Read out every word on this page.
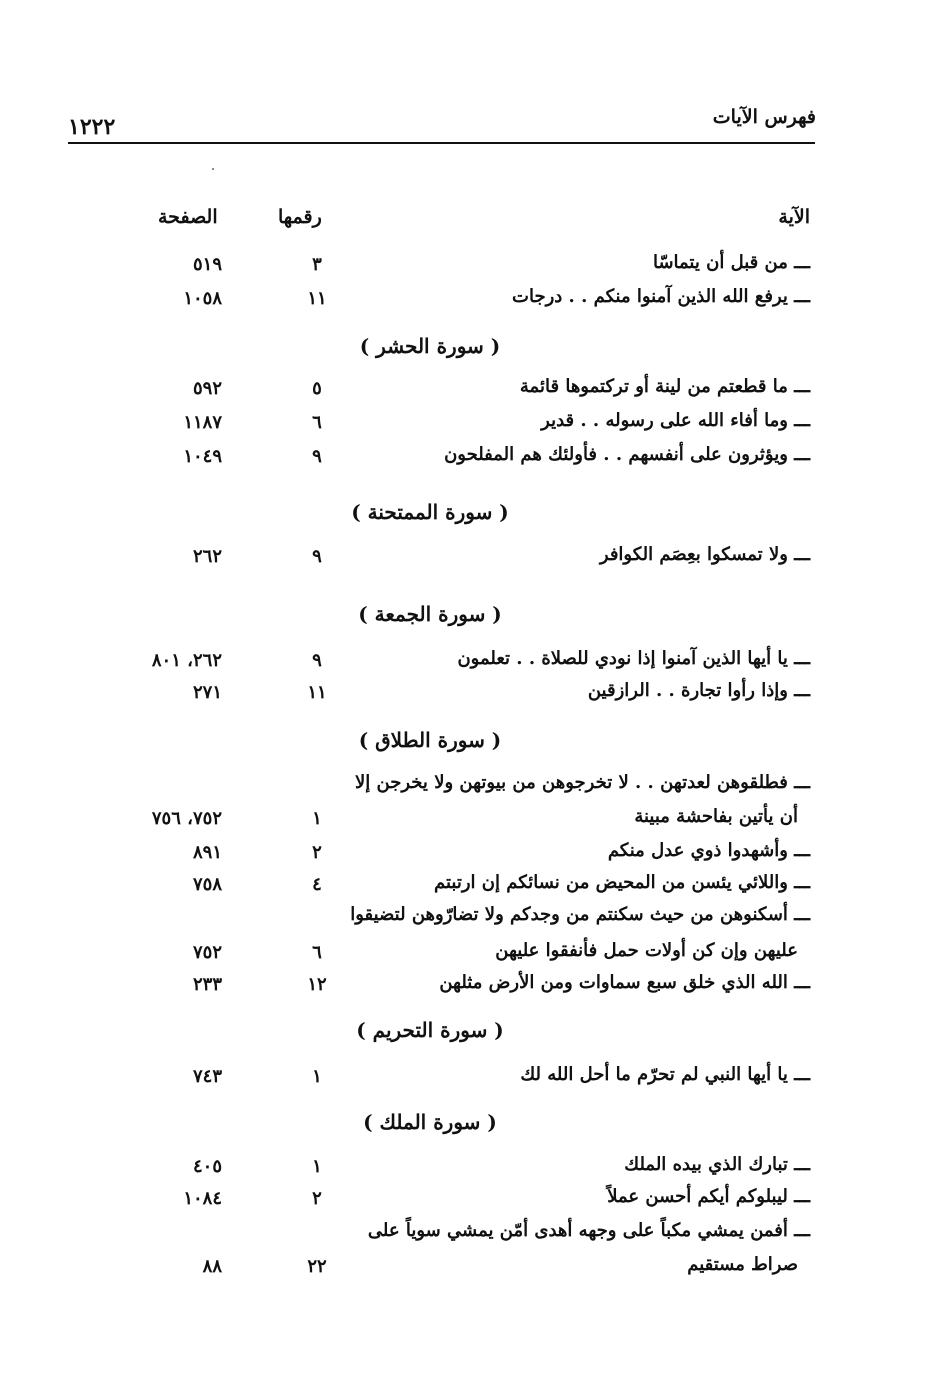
فهرس الآيات
١٢٢٢
الآية
رقمها
الصفحة
ـــ من قبل أن يتماسّا
٣
٥١٩
ـــ يرفع الله الذين آمنوا منكم . . درجات
١١
١٠٥٨
( سورة الحشر )
ـــ ما قطعتم من لينة أو تركتموها قائمة
٥
٥٩٢
ـــ وما أفاء الله على رسوله . . قدير
٦
١١٨٧
ـــ ويؤثرون على أنفسهم . . فأولئك هم المفلحون
٩
١٠٤٩
( سورة الممتحنة )
ـــ ولا تمسكوا بعِصَم الكوافر
٩
٢٦٢
( سورة الجمعة )
ـــ يا أيها الذين آمنوا إذا نودي للصلاة . . تعلمون
٩
٢٦٢، ٨٠١
ـــ وإذا رأوا تجارة . . الرازقين
١١
٢٧١
( سورة الطلاق )
ـــ فطلقوهن لعدتهن . . لا تخرجوهن من بيوتهن ولا يخرجن إلا
أن يأتين بفاحشة مبينة
١
٧٥٢، ٧٥٦
ـــ وأشهدوا ذوي عدل منكم
٢
٨٩١
ـــ واللائي يئسن من المحيض من نسائكم إن ارتبتم
٤
٧٥٨
ـــ أسكنوهن من حيث سكنتم من وجدكم ولا تضارّوهن لتضيقوا
عليهن وإن كن أولات حمل فأنفقوا عليهن
٦
٧٥٢
ـــ الله الذي خلق سبع سماوات ومن الأرض مثلهن
١٢
٢٣٣
( سورة التحريم )
ـــ يا أيها النبي لم تحرّم ما أحل الله لك
١
٧٤٣
( سورة الملك )
ـــ تبارك الذي بيده الملك
١
٤٠٥
ـــ ليبلوكم أيكم أحسن عملاً
٢
١٠٨٤
ـــ أفمن يمشي مكباً على وجهه أهدى أمّن يمشي سوياً على
صراط مستقيم
٢٢
٨٨
